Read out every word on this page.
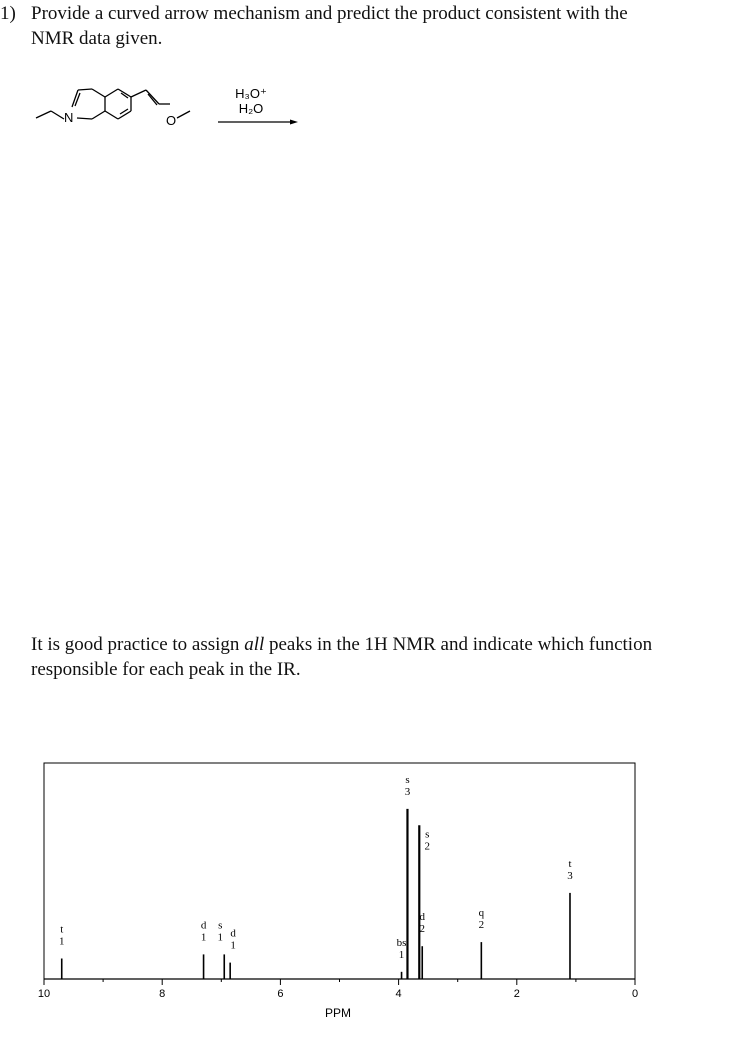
1) Provide a curved arrow mechanism and predict the product consistent with the
NMR data given.
N	O
H₃O⁺
H₂O
It is good practice to assign all peaks in the 1H NMR and indicate which function
responsible for each peak in the IR.
10	8	6	4	2	0
t
1
d
1
s
1 d
1	bs
1
s
3
s
2
d
2
q
2
t
3
PPM
